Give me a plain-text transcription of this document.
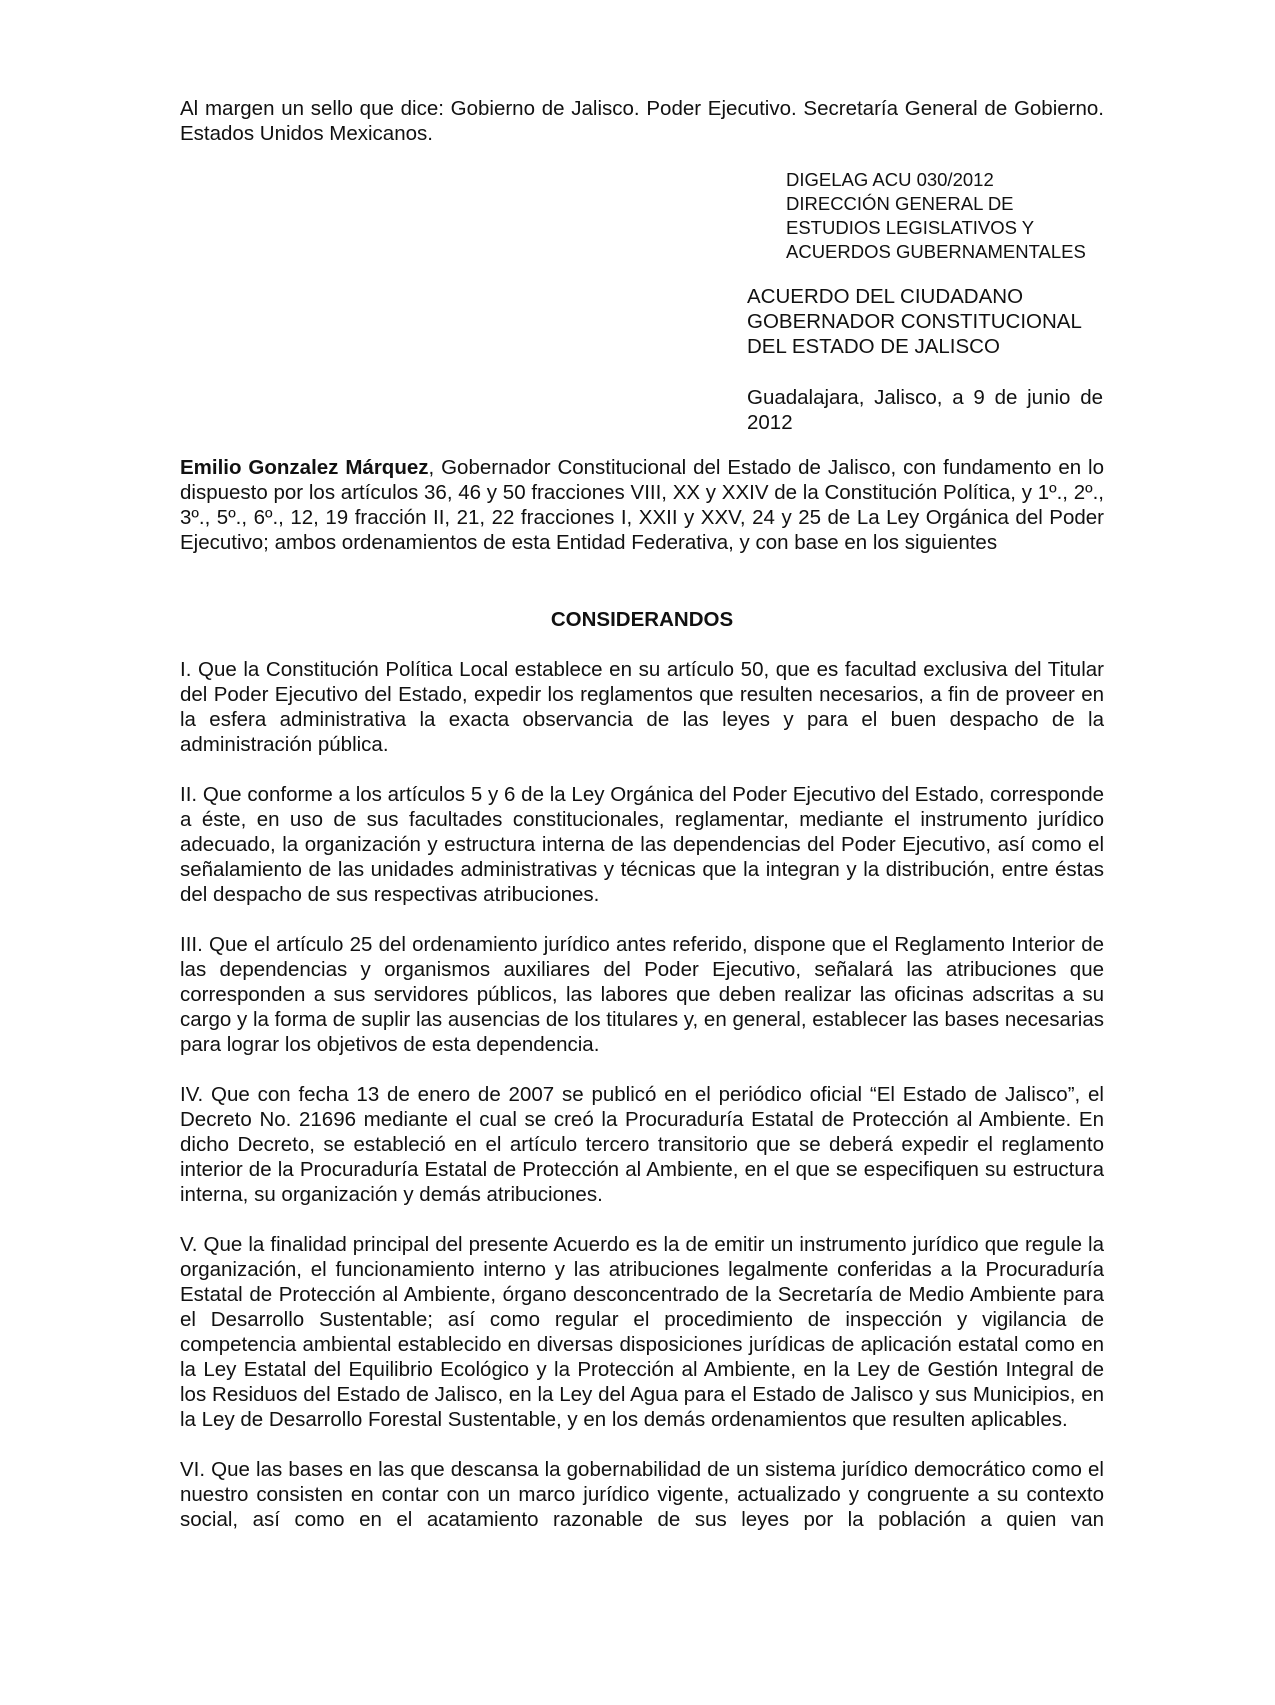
Al margen un sello que dice: Gobierno de Jalisco. Poder Ejecutivo. Secretaría General de Gobierno. Estados Unidos Mexicanos.
DIGELAG ACU 030/2012
DIRECCIÓN GENERAL DE
ESTUDIOS LEGISLATIVOS Y
ACUERDOS GUBERNAMENTALES
ACUERDO DEL CIUDADANO
GOBERNADOR CONSTITUCIONAL
DEL ESTADO DE JALISCO
Guadalajara, Jalisco, a 9 de junio de 2012
Emilio Gonzalez Márquez, Gobernador Constitucional del Estado de Jalisco, con fundamento en lo dispuesto por los artículos 36, 46 y 50 fracciones VIII, XX y XXIV de la Constitución Política, y 1º., 2º., 3º., 5º., 6º., 12, 19 fracción II, 21, 22 fracciones I, XXII y XXV, 24 y 25 de La Ley Orgánica del Poder Ejecutivo; ambos ordenamientos de esta Entidad Federativa, y con base en los siguientes
CONSIDERANDOS

I. Que la Constitución Política Local establece en su artículo 50, que es facultad exclusiva del Titular del Poder Ejecutivo del Estado, expedir los reglamentos que resulten necesarios, a fin de proveer en la esfera administrativa la exacta observancia de las leyes y para el buen despacho de la administración pública.

II. Que conforme a los artículos 5 y 6 de la Ley Orgánica del Poder Ejecutivo del Estado, corresponde a éste, en uso de sus facultades constitucionales, reglamentar, mediante el instrumento jurídico adecuado, la organización y estructura interna de las dependencias del Poder Ejecutivo, así como el señalamiento de las unidades administrativas y técnicas que la integran y la distribución, entre éstas del despacho de sus respectivas atribuciones.

III. Que el artículo 25 del ordenamiento jurídico antes referido, dispone que el Reglamento Interior de las dependencias y organismos auxiliares del Poder Ejecutivo, señalará las atribuciones que corresponden a sus servidores públicos, las labores que deben realizar las oficinas adscritas a su cargo y la forma de suplir las ausencias de los titulares y, en general, establecer las bases necesarias para lograr los objetivos de esta dependencia.

IV. Que con fecha 13 de enero de 2007 se publicó en el periódico oficial “El Estado de Jalisco”, el Decreto No. 21696 mediante el cual se creó la Procuraduría Estatal de Protección al Ambiente. En dicho Decreto, se estableció en el artículo tercero transitorio que se deberá expedir el reglamento interior de la Procuraduría Estatal de Protección al Ambiente, en el que se especifiquen su estructura interna, su organización y demás atribuciones.

V. Que la finalidad principal del presente Acuerdo es la de emitir un instrumento jurídico que regule la organización, el funcionamiento interno y las atribuciones legalmente conferidas a la Procuraduría Estatal de Protección al Ambiente, órgano desconcentrado de la Secretaría de Medio Ambiente para el Desarrollo Sustentable; así como regular el procedimiento de inspección y vigilancia de competencia ambiental establecido en diversas disposiciones jurídicas de aplicación estatal como en la Ley Estatal del Equilibrio Ecológico y la Protección al Ambiente, en la Ley de Gestión Integral de los Residuos del Estado de Jalisco, en la Ley del Agua para el Estado de Jalisco y sus Municipios, en la Ley de Desarrollo Forestal Sustentable, y en los demás ordenamientos que resulten aplicables.

VI. Que las bases en las que descansa la gobernabilidad de un sistema jurídico democrático como el nuestro consisten en contar con un marco jurídico vigente, actualizado y congruente a su contexto social, así como en el acatamiento razonable de sus leyes por la población a quien van
